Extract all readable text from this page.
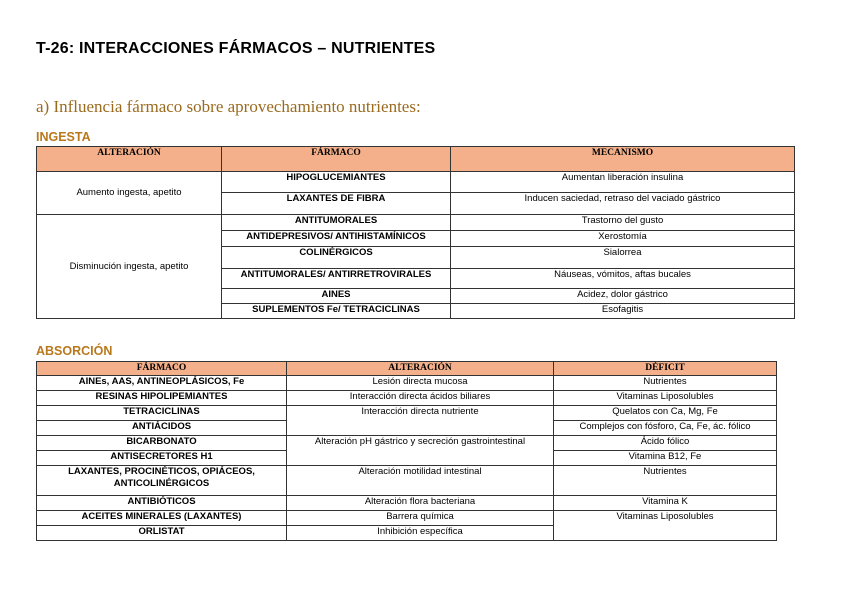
T-26: INTERACCIONES FÁRMACOS – NUTRIENTES
a) Influencia fármaco sobre aprovechamiento nutrientes:
INGESTA
ALTERACIÓN	FÁRMACO	MECANISMO
Aumento ingesta, apetito	HIPOGLUCEMIANTES	Aumentan liberación insulina
	LAXANTES DE FIBRA	Inducen saciedad, retraso del vaciado gástrico
Disminución ingesta, apetito	ANTITUMORALES	Trastorno del gusto
	ANTIDEPRESIVOS/ ANTIHISTAMÍNICOS	Xerostomía
	COLINÉRGICOS	Sialorrea
	ANTITUMORALES/ ANTIRRETROVIRALES	Náuseas, vómitos, aftas bucales
	AINES	Acidez, dolor gástrico
	SUPLEMENTOS Fe/ TETRACICLINAS	Esofagitis
ABSORCIÓN
FÁRMACO	ALTERACIÓN	DÉFICIT
AINEs, AAS, ANTINEOPLÁSICOS, Fe	Lesión directa mucosa	Nutrientes
RESINAS HIPOLIPEMIANTES	Interacción directa ácidos biliares	Vitaminas Liposolubles
TETRACICLINAS	Interacción directa nutriente	Quelatos con Ca, Mg, Fe
ANTIÁCIDOS		Complejos con fósforo, Ca, Fe, ác. fólico
BICARBONATO	Alteración pH gástrico y secreción gastrointestinal	Ácido fólico
ANTISECRETORES H1		Vitamina B12, Fe
LAXANTES, PROCINÉTICOS, OPIÁCEOS, ANTICOLINÉRGICOS	Alteración motilidad intestinal	Nutrientes
ANTIBIÓTICOS	Alteración flora bacteriana	Vitamina K
ACEITES MINERALES (LAXANTES)	Barrera química	Vitaminas Liposolubles
ORLISTAT	Inhibición específica	
